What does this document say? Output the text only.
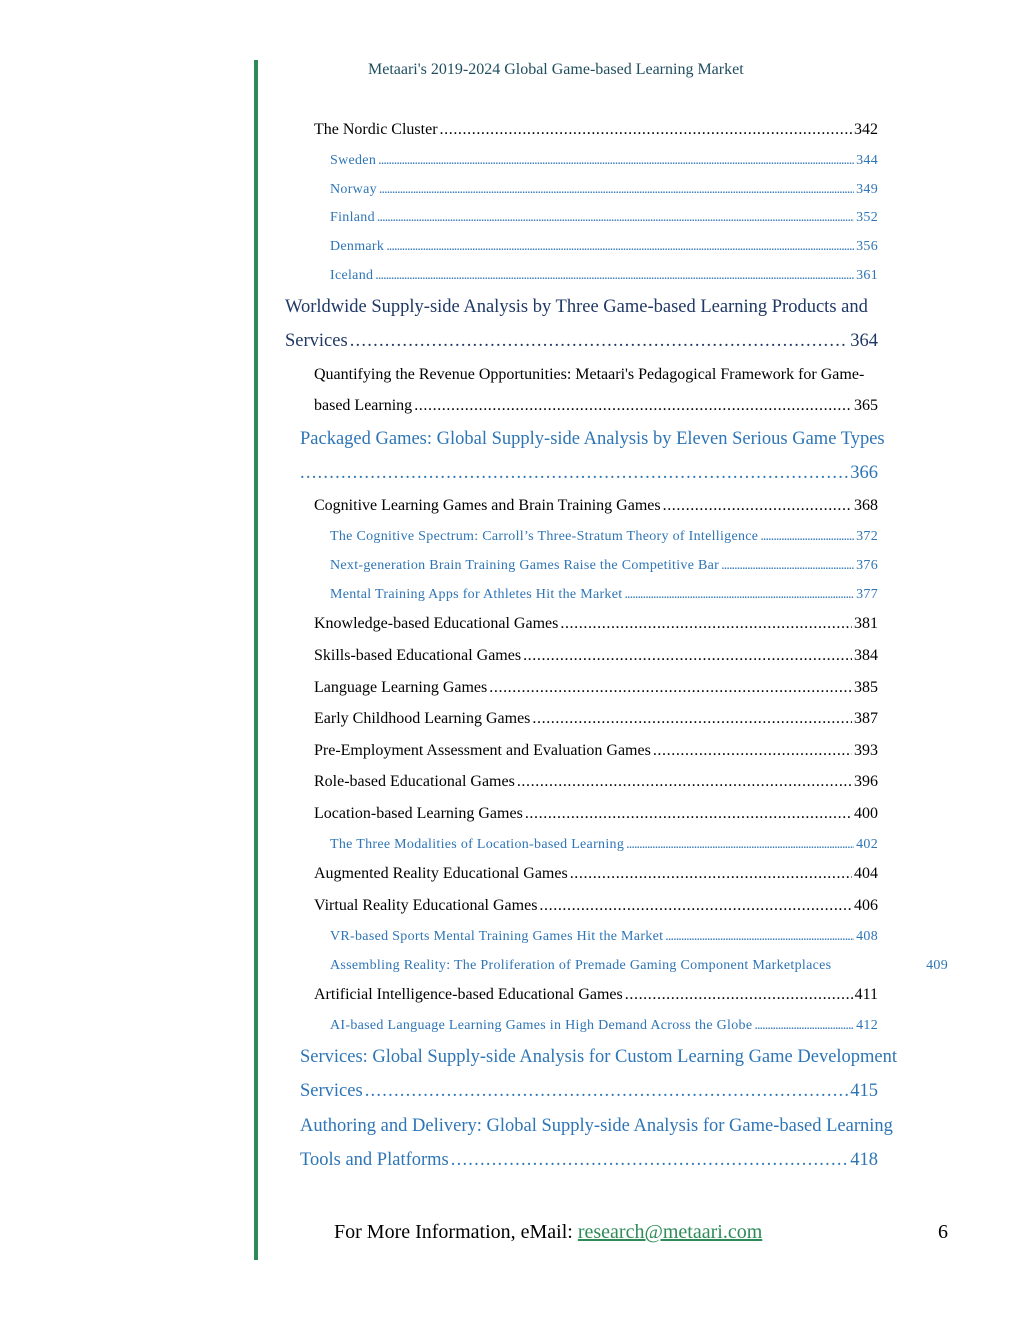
Metaari's 2019-2024 Global Game-based Learning Market
The Nordic Cluster . . .	342
Sweden . . .	344
Norway . . .	349
Finland . . .	352
Denmark . . .	356
Iceland . . .	361
Worldwide Supply-side Analysis by Three Game-based Learning Products and
Services . . .	364
Quantifying the Revenue Opportunities: Metaari's Pedagogical Framework for Game-
based Learning . . .	365
Packaged Games: Global Supply-side Analysis by Eleven Serious Game Types
. . .
366
Cognitive Learning Games and Brain Training Games . . .	368
The Cognitive Spectrum: Carroll’s Three-Stratum Theory of Intelligence . . .	372
Next-generation Brain Training Games Raise the Competitive Bar . . .	376
Mental Training Apps for Athletes Hit the Market . . .	377
Knowledge-based Educational Games . . .	381
Skills-based Educational Games . . .	384
Language Learning Games . . .	385
Early Childhood Learning Games . . .	387
Pre-Employment Assessment and Evaluation Games . . .	393
Role-based Educational Games . . .	396
Location-based Learning Games . . .	400
The Three Modalities of Location-based Learning . . .	402
Augmented Reality Educational Games . . .	404
Virtual Reality Educational Games . . .	406
VR-based Sports Mental Training Games Hit the Market . . .	408
Assembling Reality: The Proliferation of Premade Gaming Component Marketplaces	409
Artificial Intelligence-based Educational Games . . .	411
AI-based Language Learning Games in High Demand Across the Globe . . .	412
Services: Global Supply-side Analysis for Custom Learning Game Development
Services . . .	415
Authoring and Delivery: Global Supply-side Analysis for Game-based Learning
Tools and Platforms . . .	418
For More Information, eMail: research@metaari.com	6
